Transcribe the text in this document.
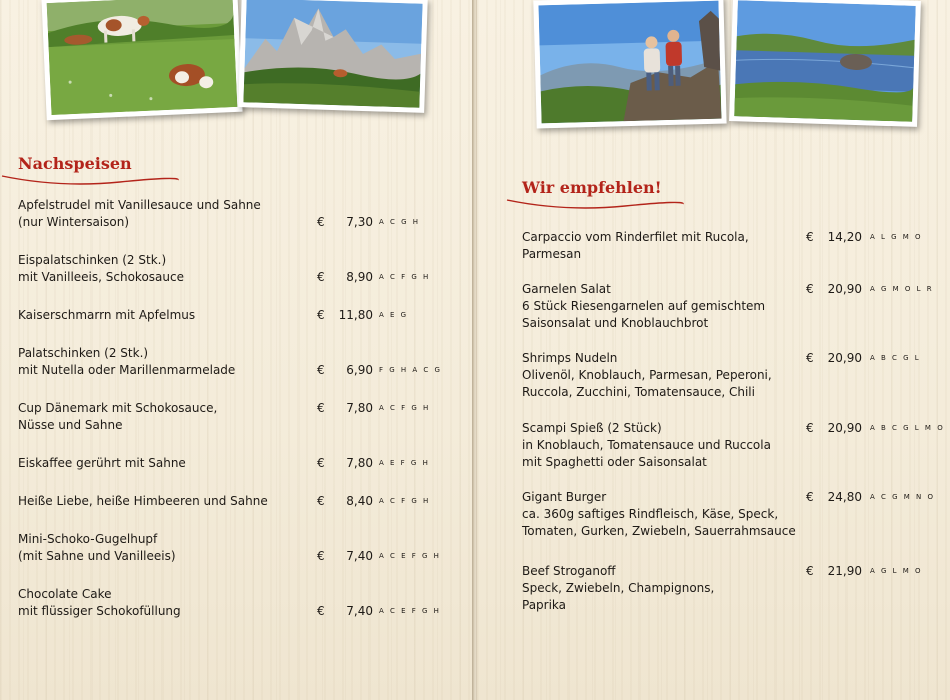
Nachspeisen
Apfelstrudel mit Vanillesauce und Sahne
(nur Wintersaison)	€	7,30 A C G H
Eispalatschinken (2 Stk.)
mit Vanilleeis, Schokosauce	€	8,90 A C F G H
Kaiserschmarrn mit Apfelmus	€	11,80 A E G
Palatschinken (2 Stk.)
mit Nutella oder Marillenmarmelade	€	6,90 F G H A C G
Cup Dänemark mit Schokosauce,
Nüsse und Sahne
€	7,80 A C F G H
Eiskaffee gerührt mit Sahne	€	7,80 A E F G H
Heiße Liebe, heiße Himbeeren und Sahne	€	8,40 A C F G H
Mini-Schoko-Gugelhupf
(mit Sahne und Vanilleeis)	€	7,40 A C E F G H
Chocolate Cake
mit flüssiger Schokofüllung	€	7,40 A C E F G H
Wir empfehlen!
Carpaccio vom Rinderfilet mit Rucola,
Parmesan
€	14,20 A L G M O
Garnelen Salat
6 Stück Riesengarnelen auf gemischtem
Saisonsalat und Knoblauchbrot
€	20,90 A G M O L R
Shrimps Nudeln
Olivenöl, Knoblauch, Parmesan, Peperoni,
Ruccola, Zucchini, Tomatensauce, Chili
€	20,90 A B C G L
Scampi Spieß (2 Stück)
in Knoblauch, Tomatensauce und Ruccola
mit Spaghetti oder Saisonsalat
€	20,90 A B C G L M O
Gigant Burger
ca. 360g saftiges Rindfleisch, Käse, Speck,
Tomaten, Gurken, Zwiebeln, Sauerrahmsauce
€	24,80 A C G M N O
Beef Stroganoff
Speck, Zwiebeln, Champignons,
Paprika
€	21,90 A G L M O
